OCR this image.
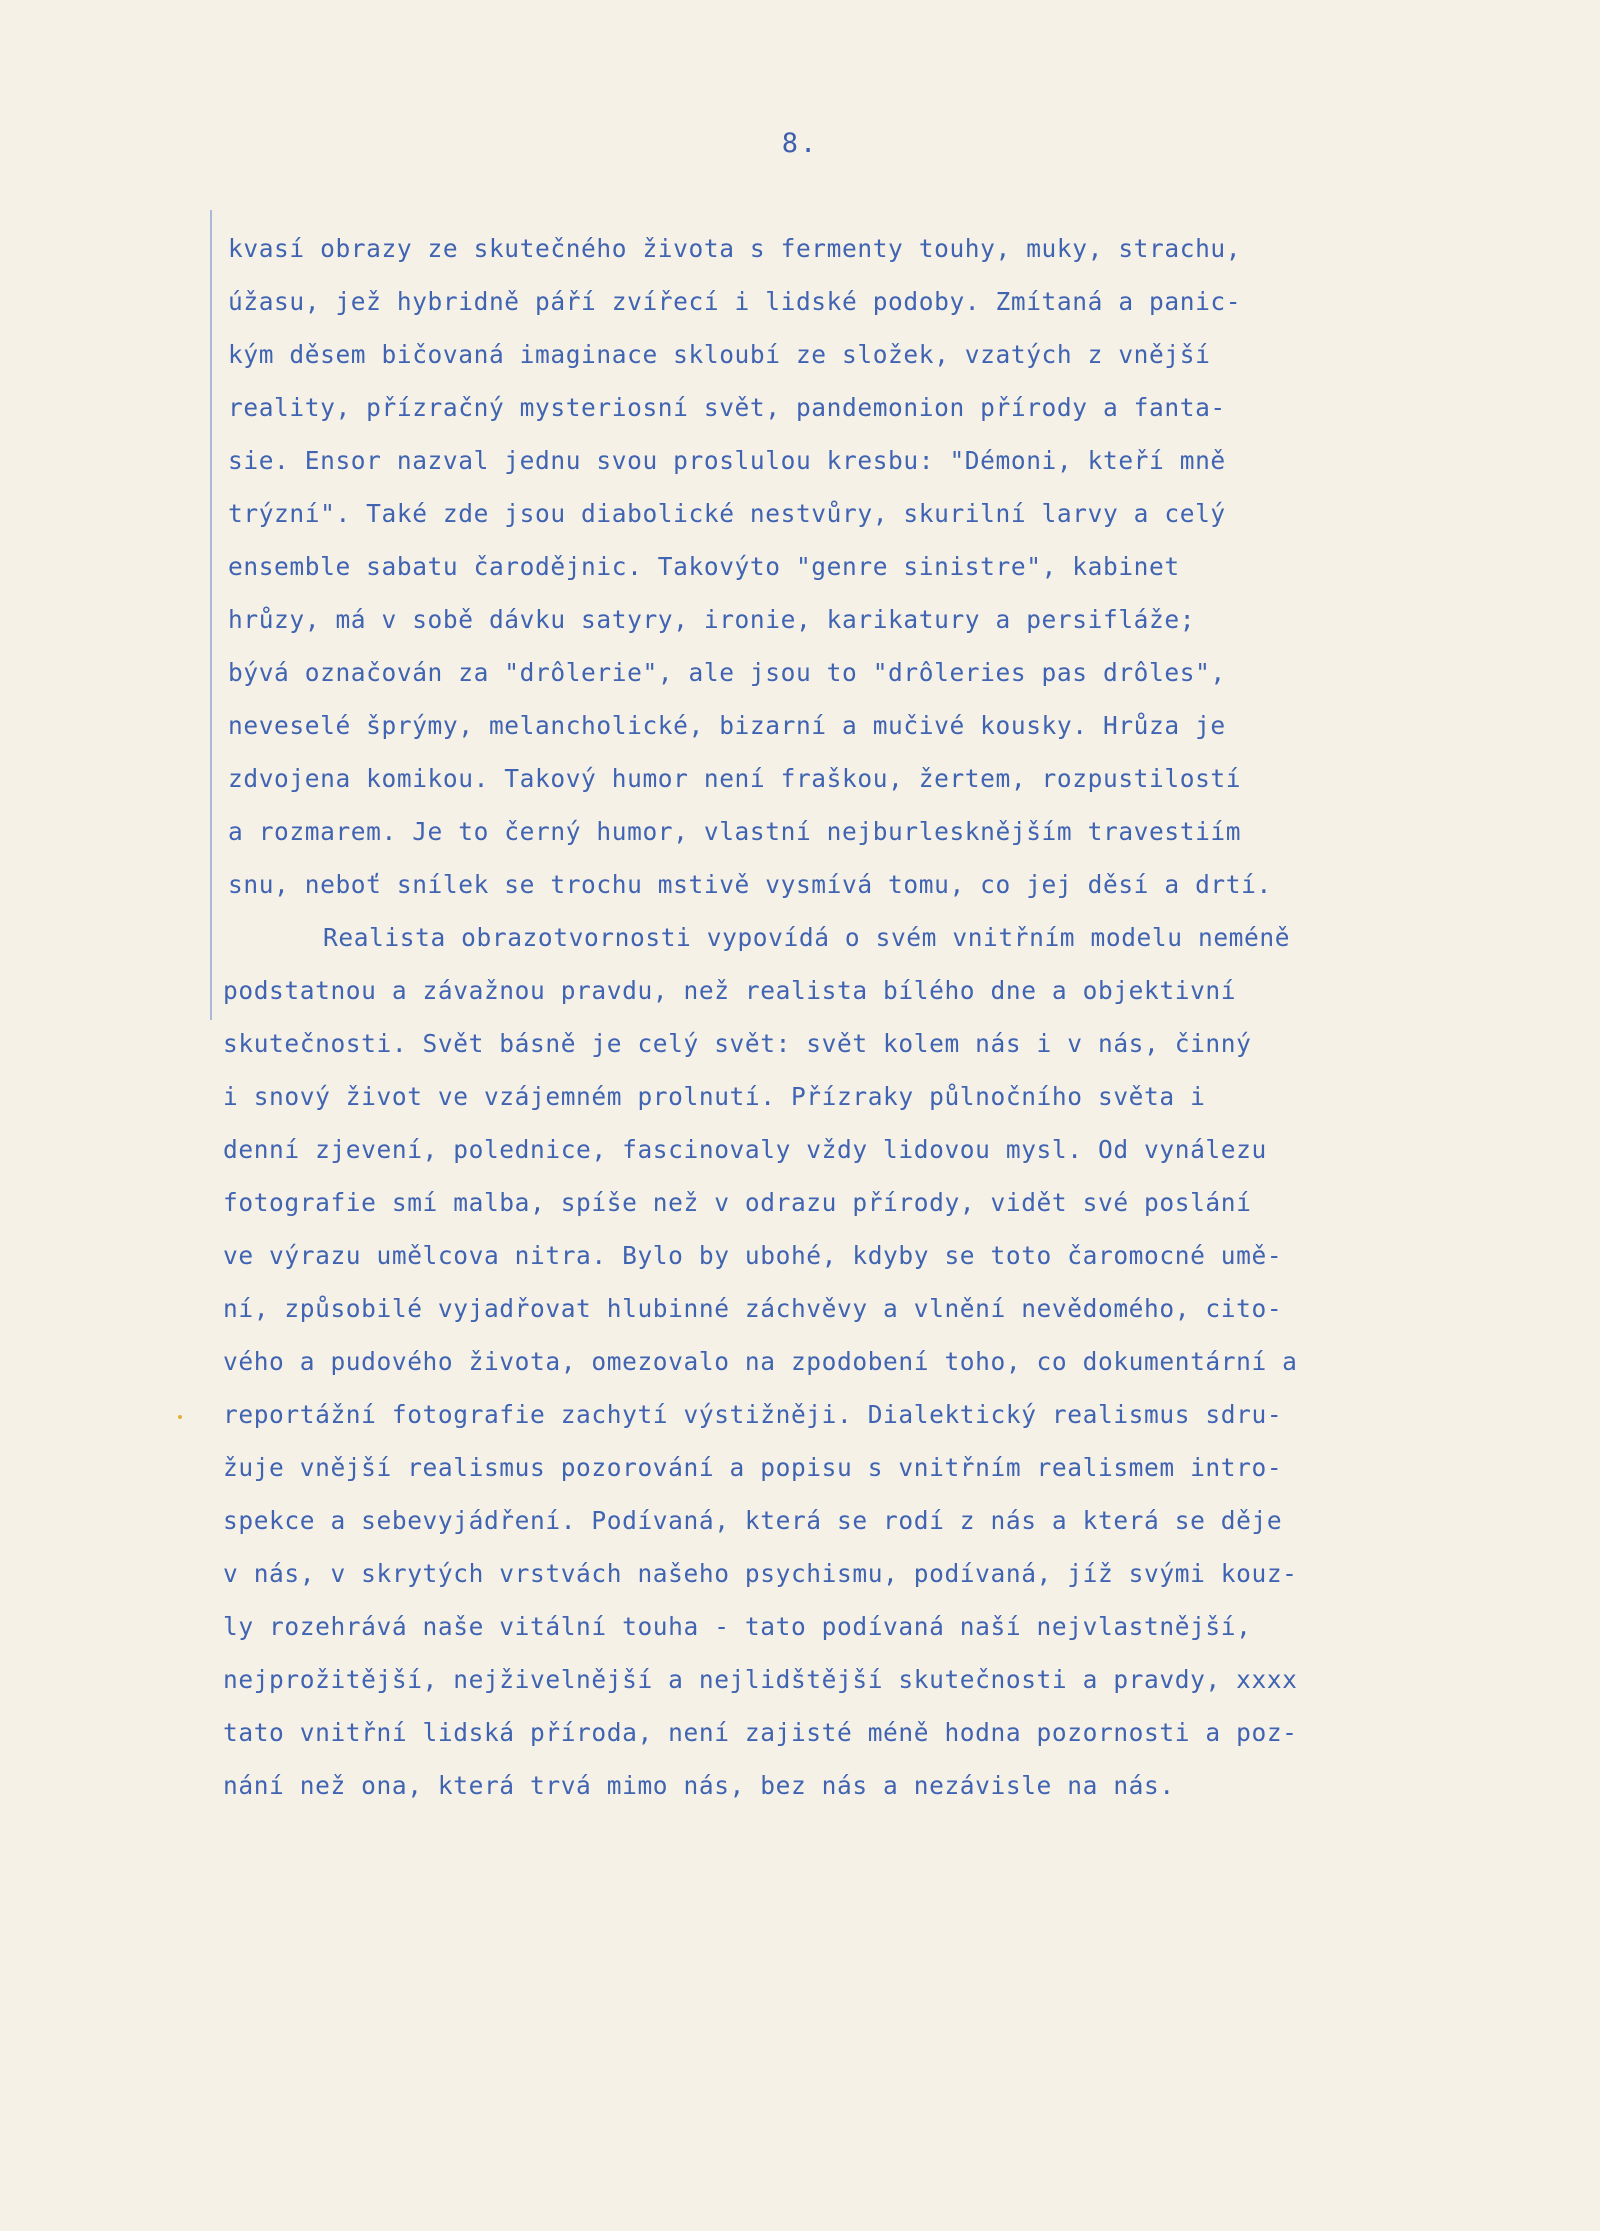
8.
kvasí obrazy ze skutečného života s fermenty touhy, muky, strachu,
úžasu, jež hybridně páří zvířecí i lidské podoby. Zmítaná a panic-
kým děsem bičovaná imaginace skloubí ze složek, vzatých z vnější
reality, přízračný mysteriosní svět, pandemonion přírody a fanta-
sie. Ensor nazval jednu svou proslulou kresbu: "Démoni, kteří mně
trýzní". Také zde jsou diabolické nestvůry, skurilní larvy a celý
ensemble sabatu čarodějnic. Takovýto "genre sinistre", kabinet
hrůzy, má v sobě dávku satyry, ironie, karikatury a persifláže;
bývá označován za "drôlerie", ale jsou to "drôleries pas drôles",
neveselé šprýmy, melancholické, bizarní a mučivé kousky. Hrůza je
zdvojena komikou. Takový humor není fraškou, žertem, rozpustilostí
a rozmarem. Je to černý humor, vlastní nejburlesknějším travestiím
snu, neboť snílek se trochu mstivě vysmívá tomu, co jej děsí a drtí.
Realista obrazotvornosti vypovídá o svém vnitřním modelu neméně
podstatnou a závažnou pravdu, než realista bílého dne a objektivní
skutečnosti. Svět básně je celý svět: svět kolem nás i v nás, činný
i snový život ve vzájemném prolnutí. Přízraky půlnočního světa i
denní zjevení, polednice, fascinovaly vždy lidovou mysl. Od vynálezu
fotografie smí malba, spíše než v odrazu přírody, vidět své poslání
ve výrazu umělcova nitra. Bylo by ubohé, kdyby se toto čaromocné umě-
ní, způsobilé vyjadřovat hlubinné záchvěvy a vlnění nevědomého, cito-
vého a pudového života, omezovalo na zpodobení toho, co dokumentární a
reportážní fotografie zachytí výstižněji. Dialektický realismus sdru-
žuje vnější realismus pozorování a popisu s vnitřním realismem intro-
spekce a sebevyjádření. Podívaná, která se rodí z nás a která se děje
v nás, v skrytých vrstvách našeho psychismu, podívaná, jíž svými kouz-
ly rozehrává naše vitální touha - tato podívaná naší nejvlastnější,
nejprožitější, nejživelnější a nejlidštější skutečnosti a pravdy, xxxx
tato vnitřní lidská příroda, není zajisté méně hodna pozornosti a poz-
nání než ona, která trvá mimo nás, bez nás a nezávisle na nás.
